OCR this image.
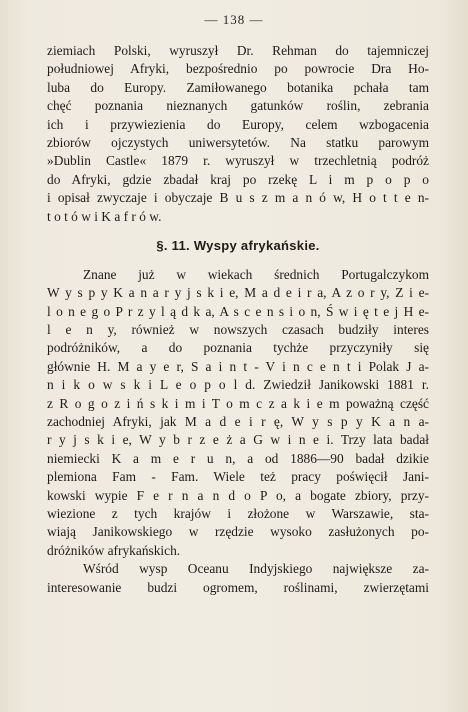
— 138 —
ziemiach Polski, wyruszył Dr. Rehman do tajemniczej
południowej Afryki, bezpośrednio po powrocie Dra Ho-
luba do Europy. Zamiłowanego botanika pchała tam
chęć poznania nieznanych gatunków roślin, zebrania
ich i przywiezienia do Europy, celem wzbogacenia
zbiorów ojczystych uniwersytetów. Na statku parowym
»Dublin Castle« 1879 r. wyruszył w trzechletnią podróż
do Afryki, gdzie zbadał kraj po rzekę L i m p o p o
i opisał zwyczaje i obyczaje B u s z m a n ó w, H o t t e n-
t o t ó w i K a f r ó w.
§. 11. Wyspy afrykańskie.
Znane już w wiekach średnich Portugalczykom
W y s p y K a n a r y j s k i e, M a d e i r a, A z o r y, Z i e-
l o n e g o P r z y l ą d k a, A s c e n s i o n, Ś w i ę t e j H e-
l e n y, również w nowszych czasach budziły interes
podróżników, a do poznania tychże przyczyniły się
głównie H. M a y e r, S a i n t - V i n c e n t i Polak J a-
n i k o w s k i L e o p o l d. Zwiedził Janikowski 1881 r.
z R o g o z i ń s k i m i T o m c z a k i e m poważną część
zachodniej Afryki, jak M a d e i r ę, W y s p y K a n a-
r y j s k i e, W y b r z e ż a G w i n e i. Trzy lata badał
niemiecki K a m e r u n, a od 1886—90 badał dzikie
plemiona Fam - Fam. Wiele też pracy poświęcił Jani-
kowski wypie F e r n a n d o P o, a bogate zbiory, przy-
wiezione z tych krajów i złożone w Warszawie, sta-
wiają Janikowskiego w rzędzie wysoko zasłużonych po-
dróżników afrykańskich.
Wśród wysp Oceanu Indyjskiego największe za-
interesowanie budzi ogromem, roślinami, zwierzętami
